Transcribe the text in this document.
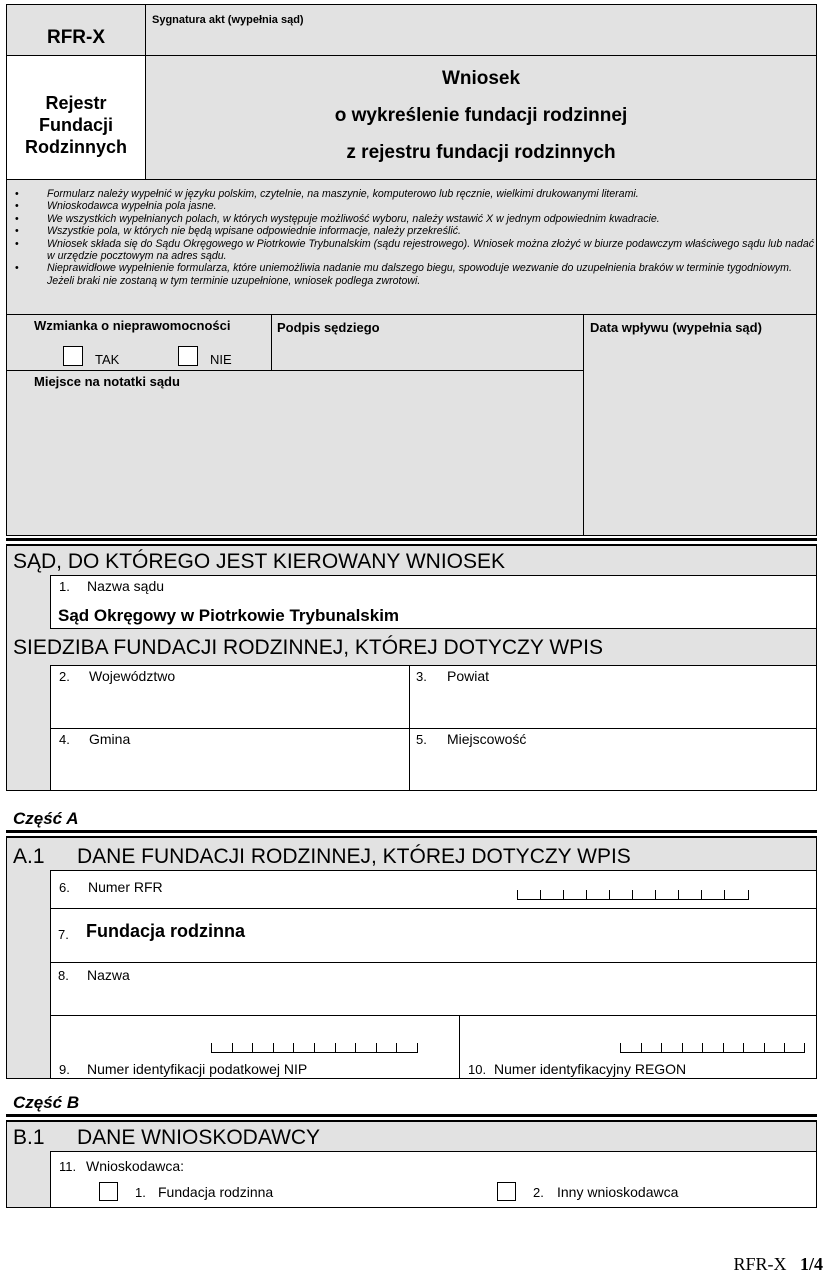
RFR-X
Sygnatura akt (wypełnia sąd)
Rejestr
Fundacji
Rodzinnych
Wniosek
o wykreślenie fundacji rodzinnej
z rejestru fundacji rodzinnych
• Formularz należy wypełnić w języku polskim, czytelnie, na maszynie, komputerowo lub ręcznie, wielkimi drukowanymi literami.
• Wnioskodawca wypełnia pola jasne.
• We wszystkich wypełnianych polach, w których występuje możliwość wyboru, należy wstawić X w jednym odpowiednim kwadracie.
• Wszystkie pola, w których nie będą wpisane odpowiednie informacje, należy przekreślić.
• Wniosek składa się do Sądu Okręgowego w Piotrkowie Trybunalskim (sądu rejestrowego). Wniosek można złożyć w biurze podawczym właściwego sądu lub nadać w urzędzie pocztowym na adres sądu.
• Nieprawidłowe wypełnienie formularza, które uniemożliwia nadanie mu dalszego biegu, spowoduje wezwanie do uzupełnienia braków w terminie tygodniowym. Jeżeli braki nie zostaną w tym terminie uzupełnione, wniosek podlega zwrotowi.
Wzmianka o nieprawomocności
TAK	NIE
Podpis sędziego	Data wpływu (wypełnia sąd)
Miejsce na notatki sądu
SĄD, DO KTÓREGO JEST KIEROWANY WNIOSEK
1. Nazwa sądu
Sąd Okręgowy w Piotrkowie Trybunalskim
SIEDZIBA FUNDACJI RODZINNEJ, KTÓREJ DOTYCZY WPIS
2. Województwo	3. Powiat
4. Gmina	5. Miejscowość
Część A
A.1 DANE FUNDACJI RODZINNEJ, KTÓREJ DOTYCZY WPIS
6. Numer RFR
7. Fundacja rodzinna
8. Nazwa
9. Numer identyfikacji podatkowej NIP	10. Numer identyfikacyjny REGON
Część B
B.1 DANE WNIOSKODAWCY
11. Wnioskodawca:
1. Fundacja rodzinna	2. Inny wnioskodawca
RFR-X 1/4
